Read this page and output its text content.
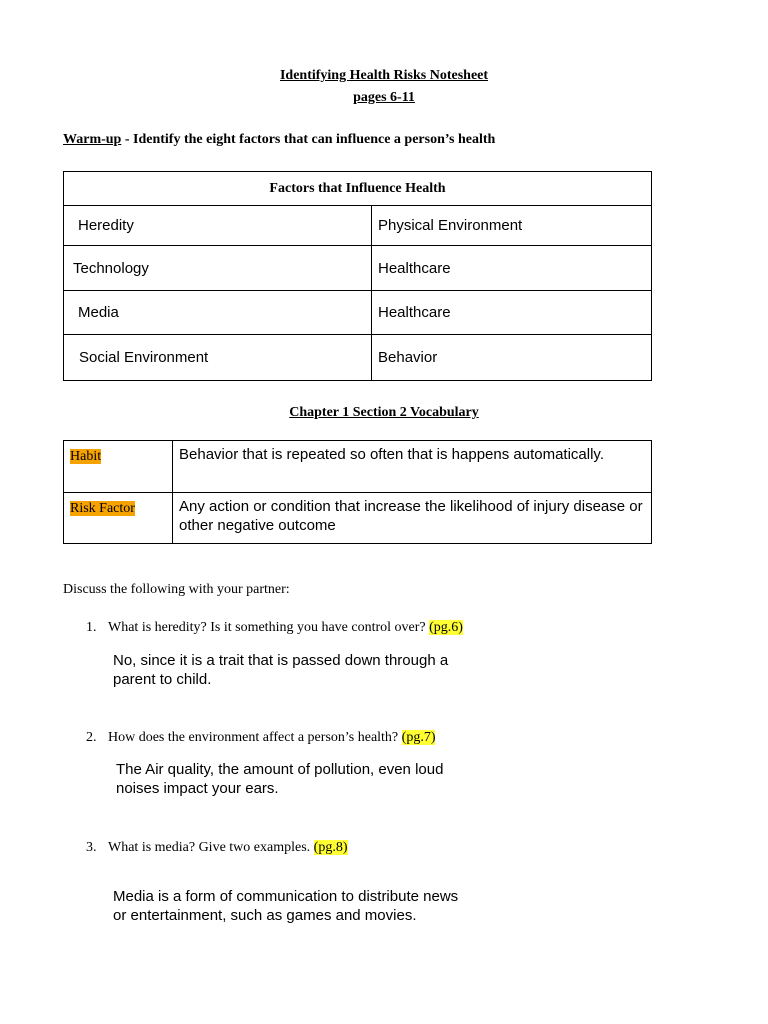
Identifying Health Risks Notesheet
pages 6-11
Warm-up - Identify the eight factors that can influence a person’s health
Factors that Influence Health	
Heredity	Physical Environment
Technology	Healthcare
Media	Healthcare
Social Environment	Behavior
Chapter 1 Section 2 Vocabulary
Habit	Behavior that is repeated so often that is happens automatically.
Risk Factor	Any action or condition that increase the likelihood of injury disease or other negative outcome
Discuss the following with your partner:
1. What is heredity? Is it something you have control over? (pg.6)
No, since it is a trait that is passed down through a
parent to child.
2. How does the environment affect a person’s health? (pg.7)
The Air quality, the amount of pollution, even loud
noises impact your ears.
3. What is media? Give two examples. (pg.8)
Media is a form of communication to distribute news
or entertainment, such as games and movies.
